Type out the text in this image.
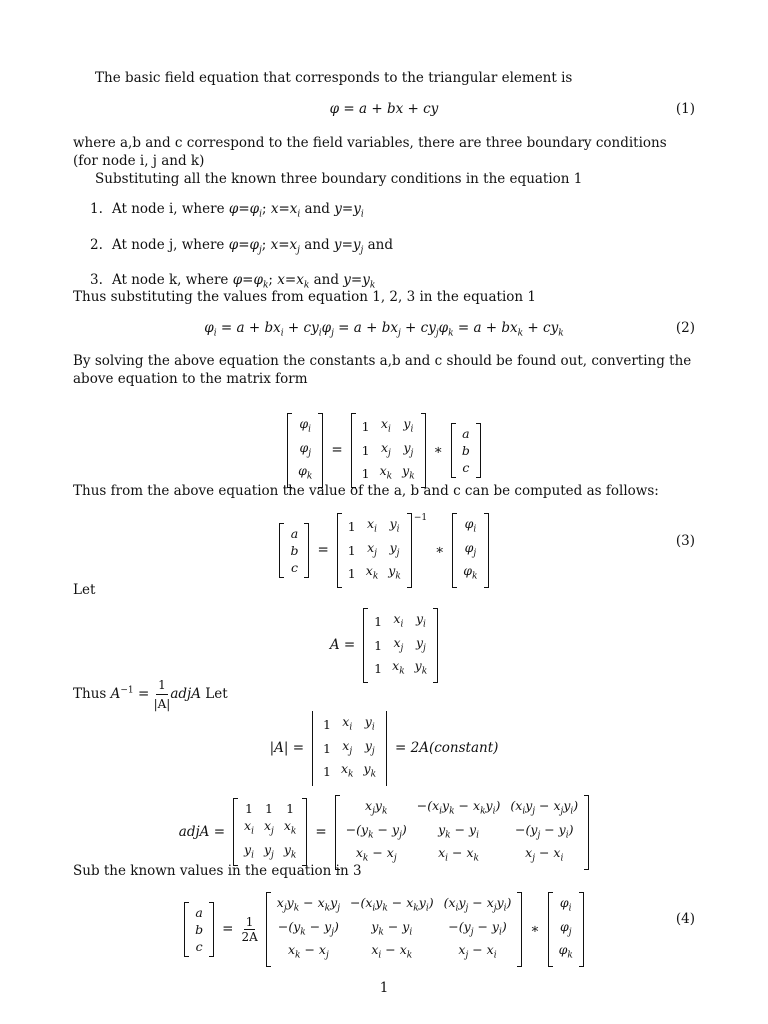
The basic field equation that corresponds to the triangular element is
φ = a + bx + cy	(1)
where a,b and c correspond to the field variables, there are three boundary conditions (for node i, j and k)
Substituting all the known three boundary conditions in the equation 1
1. At node i, where $\varphi=\varphi_i$; $x=x_i$ and $y=y_i$
2. At node j, where $\varphi=\varphi_j$; $x=x_j$ and $y=y_j$ and
3. At node k, where $\varphi=\varphi_k$; $x=x_k$ and $y=y_k$
Thus substituting the values from equation 1, 2, 3 in the equation 1
$\varphi_i = a + bx_i + cy_i\varphi_j = a + bx_j + cy_j\varphi_k = a + bx_k + cy_k$	(2)
By solving the above equation the constants a,b and c should be found out, converting the above equation to the matrix form
$\varphi_i$
$\varphi_j$
$\varphi_k$
=
1	$x_i$	$y_i$
1	$x_j$	$y_j$
1	$x_k$	$y_k$
∗
a
b
c
Thus from the above equation the value of the a, b and c can be computed as follows:
a
b
c
=
1	$x_i$	$y_i$
1	$x_j$	$y_j$
1	$x_k$	$y_k$
$^{-1}$
∗
$\varphi_i$
$\varphi_j$
$\varphi_k$
(3)
Let
A =
1	$x_i$	$y_i$
1	$x_j$	$y_j$
1	$x_k$	$y_k$
Thus $A^{-1} = \frac{1}{|A|}$ adjA Let
|A| =
1	$x_i$	$y_i$
1	$x_j$	$y_j$
1	$x_k$	$y_k$
= 2A(constant)
adjA =
1	1	1
$x_i$	$x_j$	$x_k$
$y_i$	$y_j$	$y_k$
=
$x_jy_k$	$-(x_iy_k - x_ky_i)$	$(x_iy_j - x_jy_i)$
$-(y_k - y_j)$	$y_k - y_i$	$-(y_j - y_i)$
$x_k - x_j$	$x_i - x_k$	$x_j - x_i$
Sub the known values in the equation in 3
a
b
c
= $\frac{1}{2A}$
$x_jy_k - x_ky_j$	$-(x_iy_k - x_ky_i)$	$(x_iy_j - x_jy_i)$
$-(y_k - y_j)$	$y_k - y_i$	$-(y_j - y_i)$
$x_k - x_j$	$x_i - x_k$	$x_j - x_i$
∗
$\varphi_i$
$\varphi_j$
$\varphi_k$
(4)
1
